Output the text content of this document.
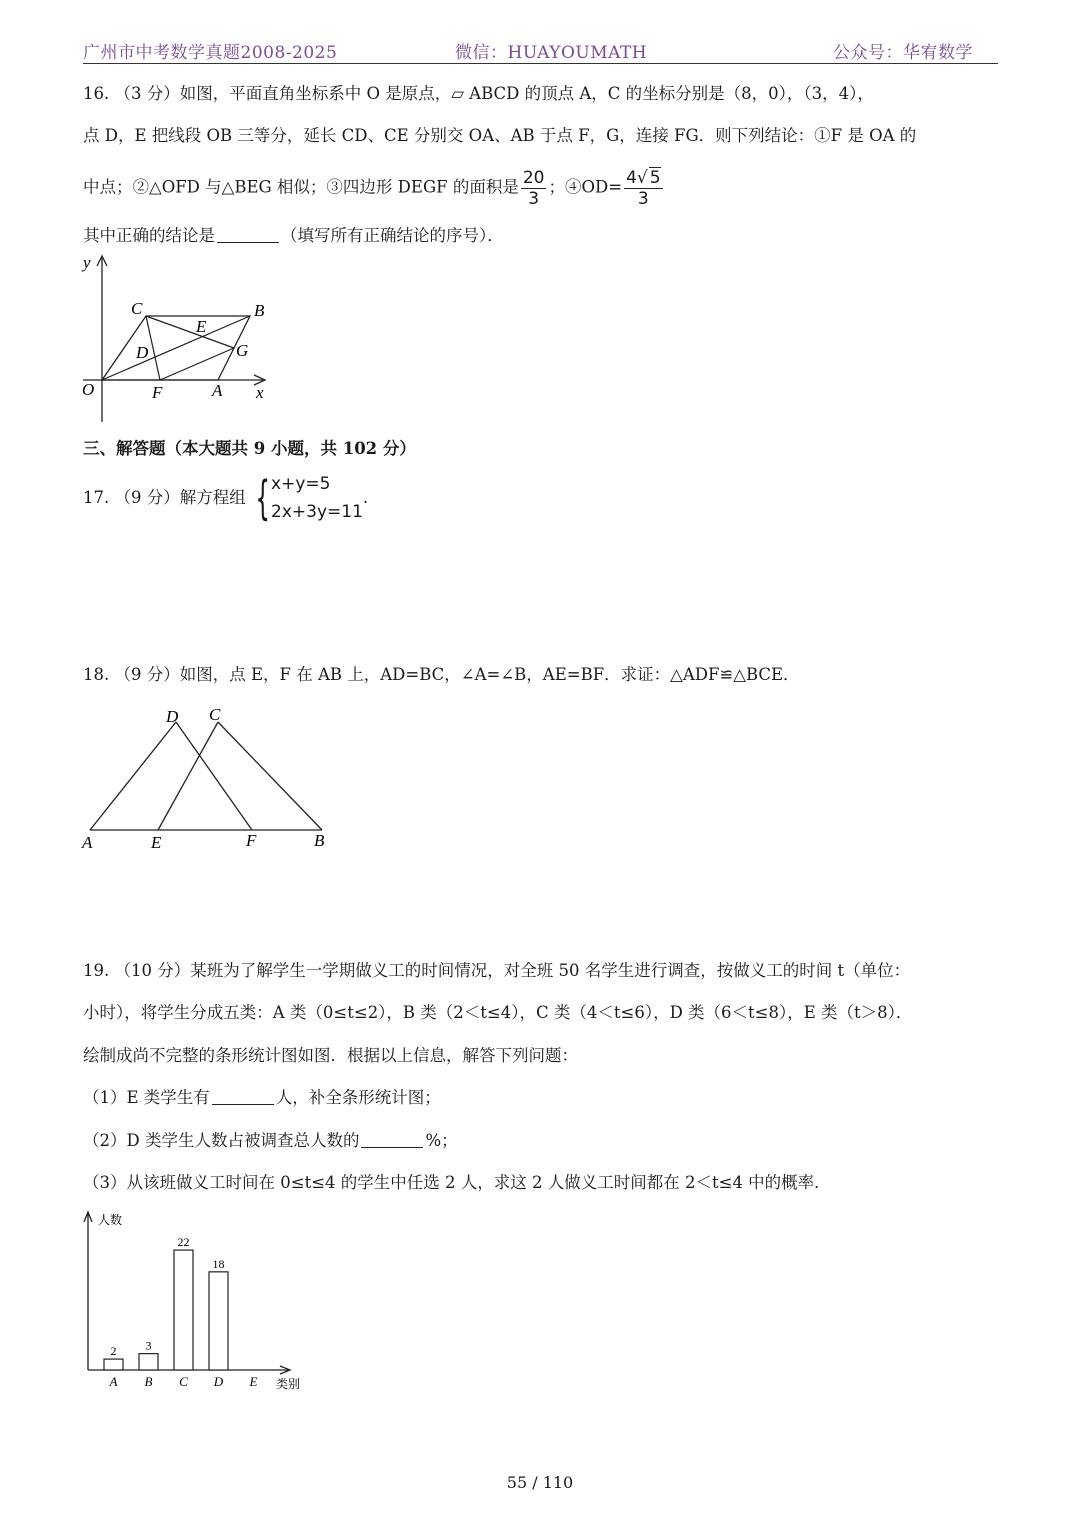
广州市中考数学真题2008-2025	微信：HUAYOUMATH	公众号：华宥数学
16. （3 分）如图，平面直角坐标系中 O 是原点，▱ ABCD 的顶点 A，C 的坐标分别是（8，0），（3，4），
点 D，E 把线段 OB 三等分，延长 CD、CE 分别交 OA、AB 于点 F，G，连接 FG．则下列结论：①F 是 OA 的
中点；②△OFD 与△BEG 相似；③四边形 DEGF 的面积是 $\frac{20}{3}$ ；④OD= $\frac{4√ 5}{3}$
其中正确的结论是	（填写所有正确结论的序号）．
y
O	x
C	B
E
D	G
F	A
三、解答题（本大题共 9 小题，共 102 分）
17. （9 分）解方程组 { x+y=5
2x+3y=11
.
18. （9 分）如图，点 E，F 在 AB 上，AD=BC，∠A=∠B，AE=BF．求证：△ADF≌△BCE．
D C
A	E	F	B
19. （10 分）某班为了解学生一学期做义工的时间情况，对全班 50 名学生进行调查，按做义工的时间 t（单位：
小时），将学生分成五类：A 类（0≤t≤2），B 类（2＜t≤4），C 类（4＜t≤6），D 类（6＜t≤8），E 类（t＞8）．
绘制成尚不完整的条形统计图如图．根据以上信息，解答下列问题：
（1）E 类学生有	人，补全条形统计图；
（2）D 类学生人数占被调查总人数的	%；
（3）从该班做义工时间在 0≤t≤4 的学生中任选 2 人，求这 2 人做义工时间都在 2＜t≤4 中的概率．
人数
类别
2
A
3
B
22
C
18
D E
55 / 110
